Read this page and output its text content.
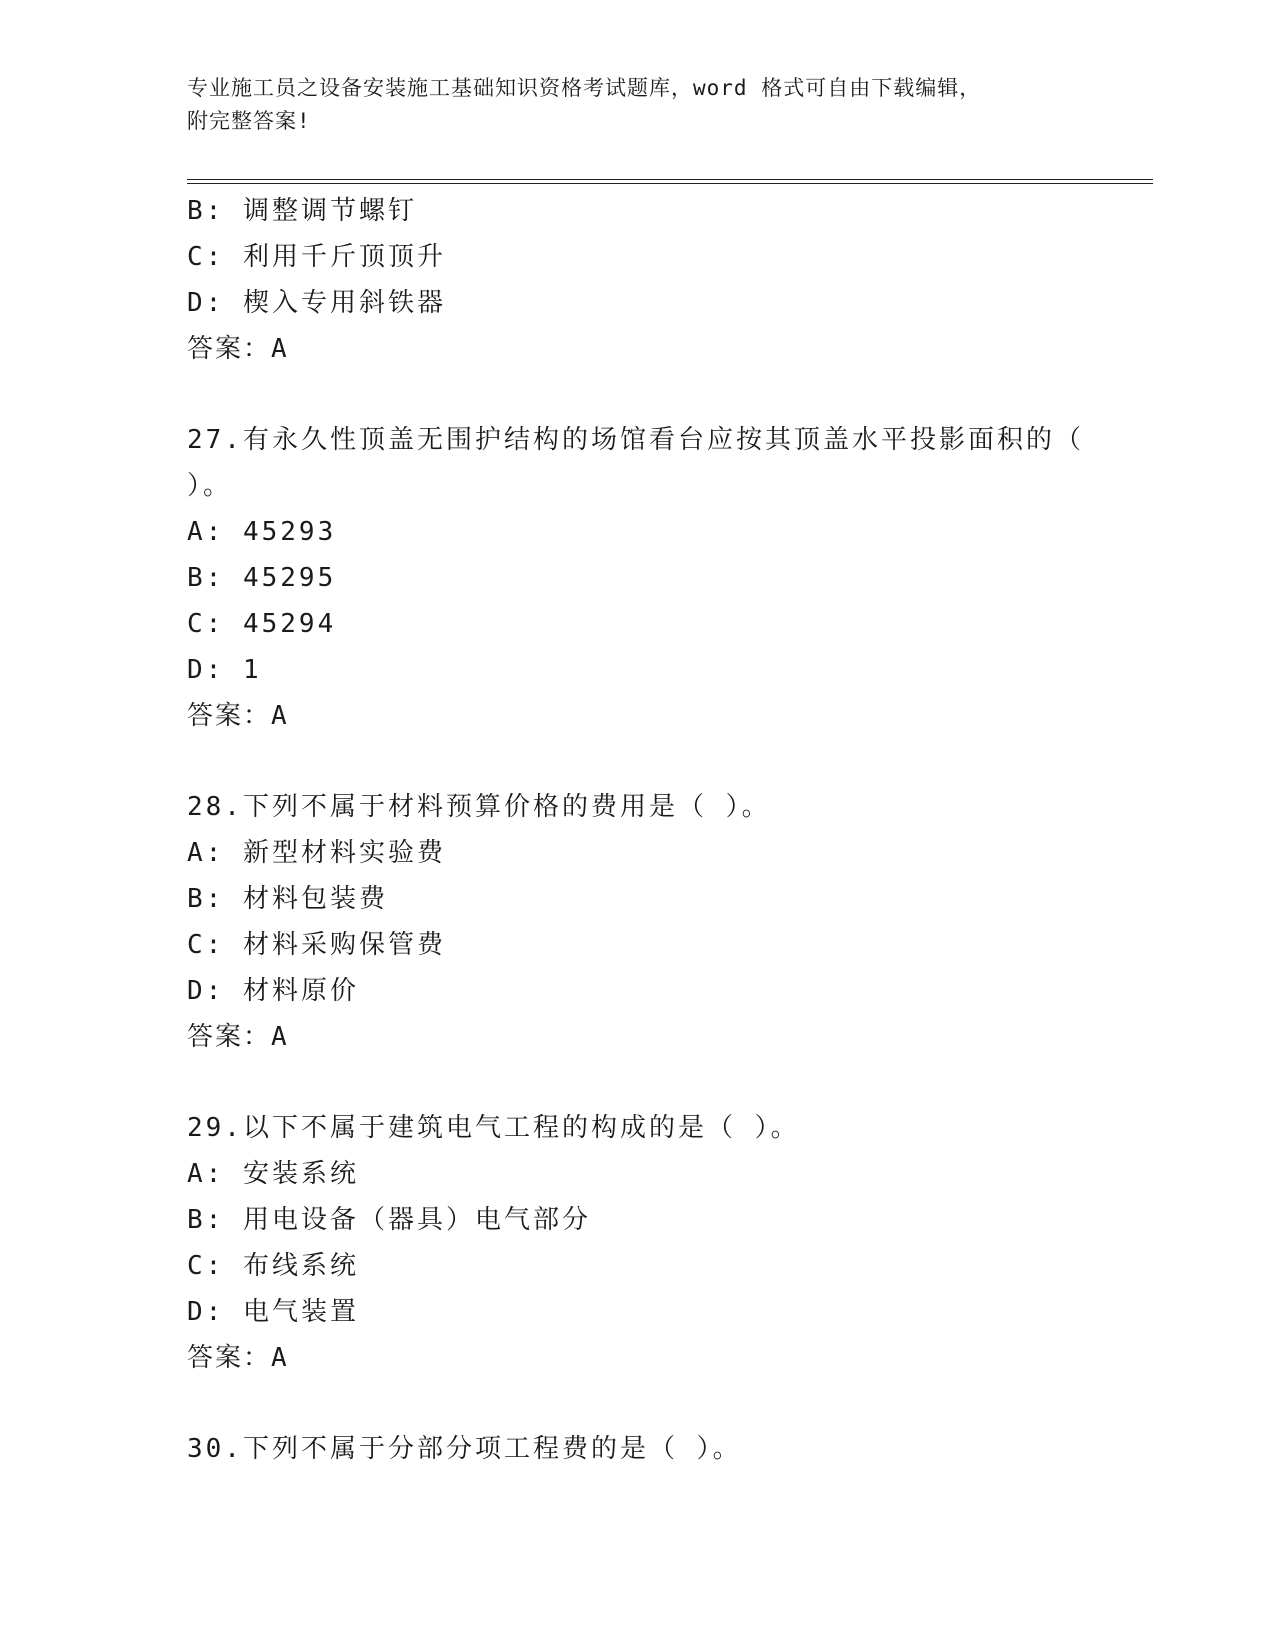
专业施工员之设备安装施工基础知识资格考试题库，word 格式可自由下载编辑，
附完整答案!
B: 调整调节螺钉
C: 利用千斤顶顶升
D: 楔入专用斜铁器
答案：A
27.有永久性顶盖无围护结构的场馆看台应按其顶盖水平投影面积的（
）。
A: 45293
B: 45295
C: 45294
D: 1
答案：A
28.下列不属于材料预算价格的费用是（ ）。
A: 新型材料实验费
B: 材料包装费
C: 材料采购保管费
D: 材料原价
答案：A
29.以下不属于建筑电气工程的构成的是（ ）。
A: 安装系统
B: 用电设备（器具）电气部分
C: 布线系统
D: 电气装置
答案：A
30.下列不属于分部分项工程费的是（ ）。
